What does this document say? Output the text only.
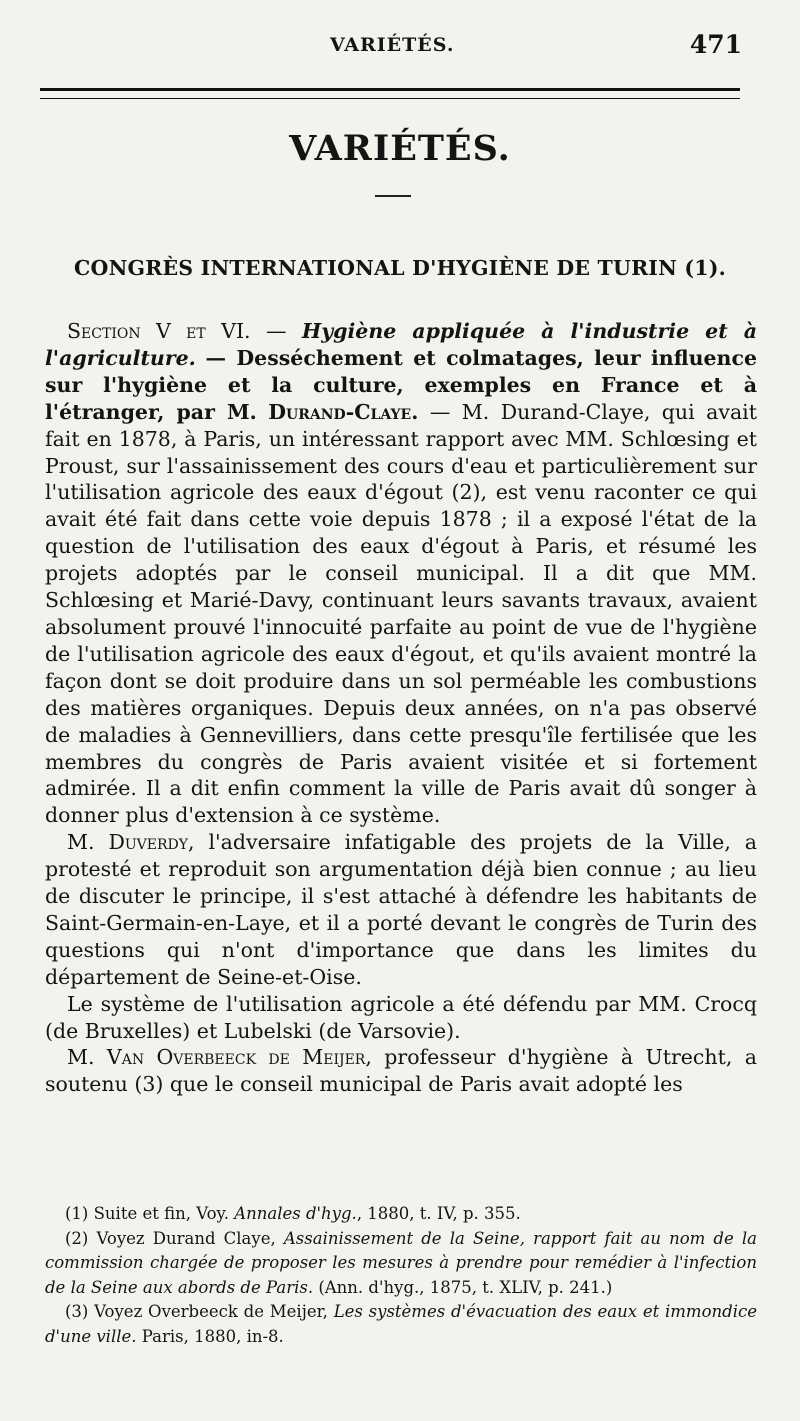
VARIÉTÉS.	471
VARIÉTÉS.
CONGRÈS INTERNATIONAL D'HYGIÈNE DE TURIN (1).

Section V et VI. — Hygiène appliquée à l'industrie et à l'agriculture. — Desséchement et colmatages, leur influence sur l'hygiène et la culture, exemples en France et à l'étranger, par M. Durand-Claye. — M. Durand-Claye, qui avait fait en 1878, à Paris, un intéressant rapport avec MM. Schlœsing et Proust, sur l'assainissement des cours d'eau et particulièrement sur l'utilisation agricole des eaux d'égout (2), est venu raconter ce qui avait été fait dans cette voie depuis 1878 ; il a exposé l'état de la question de l'utilisation des eaux d'égout à Paris, et résumé les projets adoptés par le conseil municipal. Il a dit que MM. Schlœsing et Marié-Davy, continuant leurs savants travaux, avaient absolument prouvé l'innocuité parfaite au point de vue de l'hygiène de l'utilisation agricole des eaux d'égout, et qu'ils avaient montré la façon dont se doit produire dans un sol perméable les combustions des matières organiques. Depuis deux années, on n'a pas observé de maladies à Gennevilliers, dans cette presqu'île fertilisée que les membres du congrès de Paris avaient visitée et si fortement admirée. Il a dit enfin comment la ville de Paris avait dû songer à donner plus d'extension à ce système.

M. Duverdy, l'adversaire infatigable des projets de la Ville, a protesté et reproduit son argumentation déjà bien connue ; au lieu de discuter le principe, il s'est attaché à défendre les habitants de Saint-Germain-en-Laye, et il a porté devant le congrès de Turin des questions qui n'ont d'importance que dans les limites du département de Seine-et-Oise.

Le système de l'utilisation agricole a été défendu par MM. Crocq (de Bruxelles) et Lubelski (de Varsovie).

M. Van Overbeeck de Meijer, professeur d'hygiène à Utrecht, a soutenu (3) que le conseil municipal de Paris avait adopté les

(1) Suite et fin, Voy. Annales d'hyg., 1880, t. IV, p. 355.

(2) Voyez Durand Claye, Assainissement de la Seine, rapport fait au nom de la commission chargée de proposer les mesures à prendre pour remédier à l'infection de la Seine aux abords de Paris. (Ann. d'hyg., 1875, t. XLIV, p. 241.)

(3) Voyez Overbeeck de Meijer, Les systèmes d'évacuation des eaux et immondice d'une ville. Paris, 1880, in-8.
